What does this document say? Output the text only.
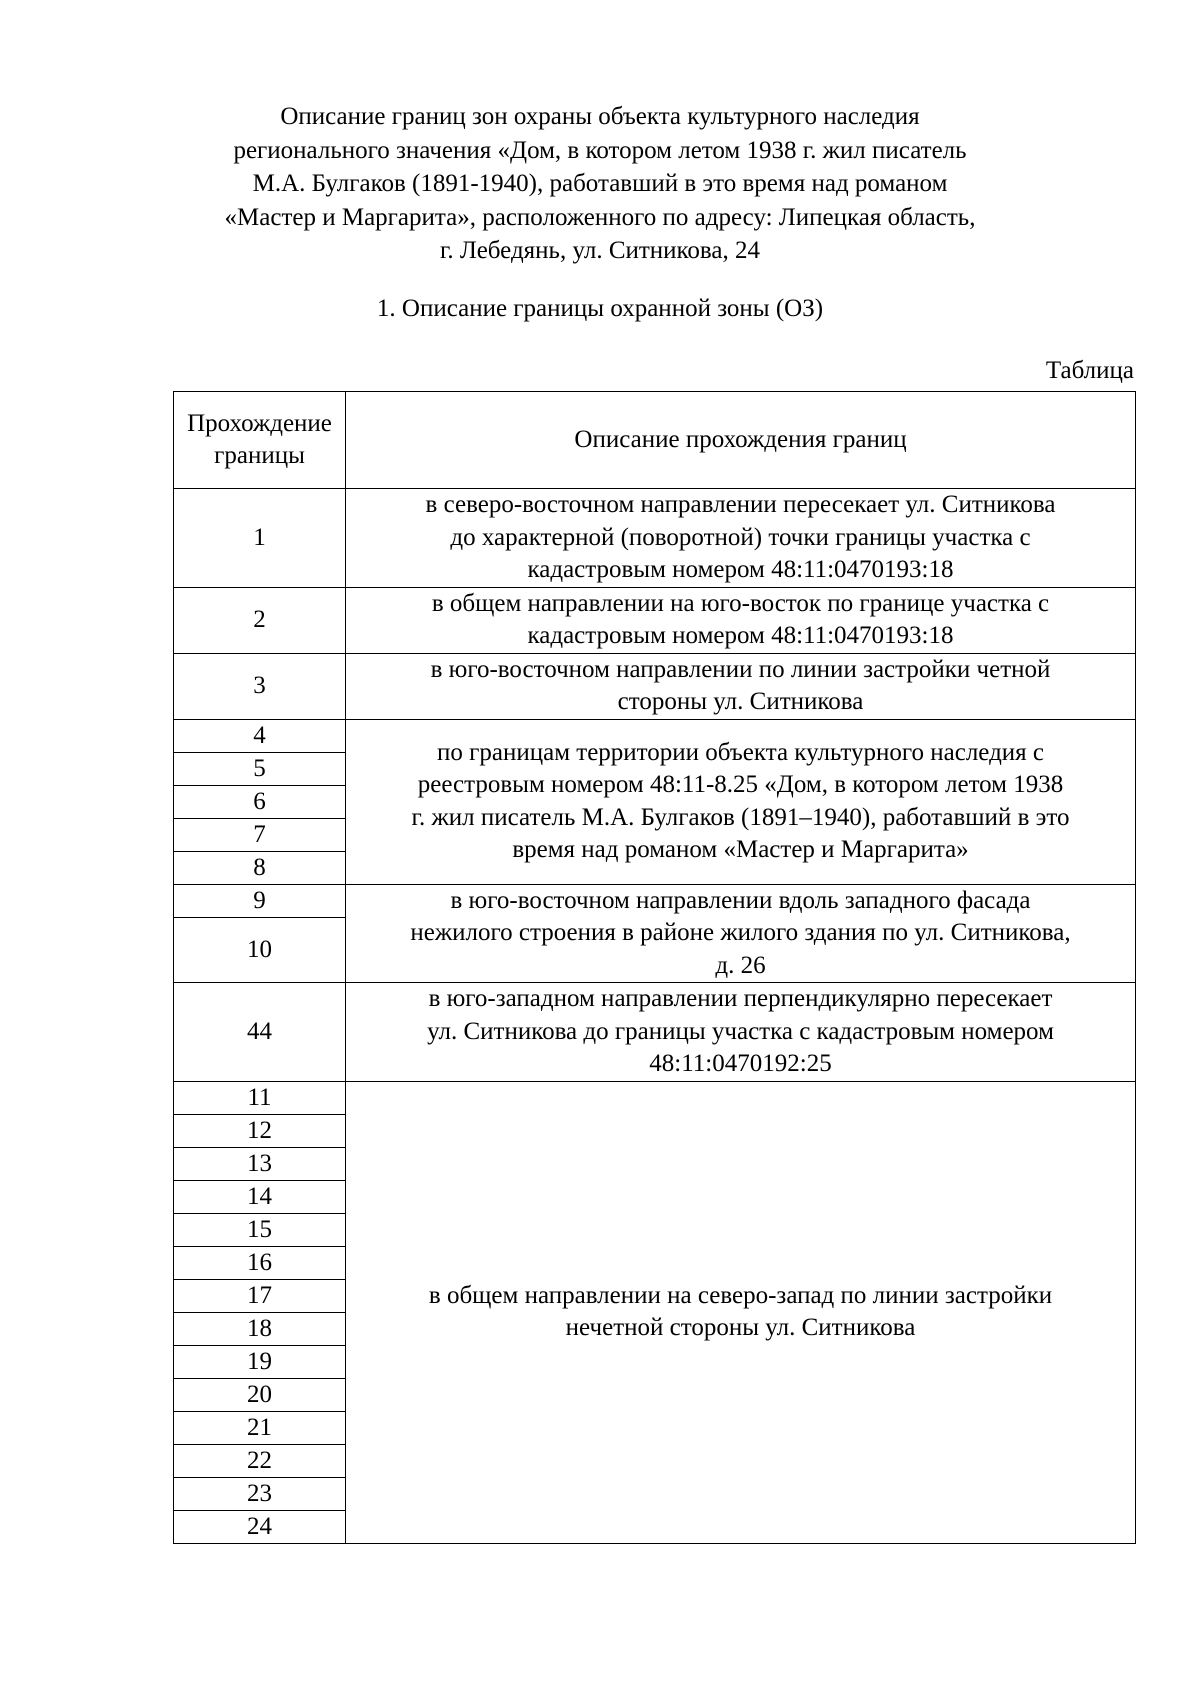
Описание границ зон охраны объекта культурного наследия
регионального значения «Дом, в котором летом 1938 г. жил писатель
М.А. Булгаков (1891-1940), работавший в это время над романом
«Мастер и Маргарита», расположенного по адресу: Липецкая область,
г. Лебедянь, ул. Ситникова, 24
1. Описание границы охранной зоны (ОЗ)
Таблица
Прохождение
границы	Описание прохождения границ
1	в северо-восточном направлении пересекает ул. Ситникова
до характерной (поворотной) точки границы участка с
кадастровым номером 48:11:0470193:18

2	в общем направлении на юго-восток по границе участка с
кадастровым номером 48:11:0470193:18

3	в юго-восточном направлении по линии застройки четной
стороны ул. Ситникова

4	по границам территории объекта культурного наследия с
реестровым номером 48:11-8.25 «Дом, в котором летом 1938
г. жил писатель М.А. Булгаков (1891–1940), работавший в это
время над романом «Мастер и Маргарита»

5	
6	
7	
8	
9	в юго-восточном направлении вдоль западного фасада
нежилого строения в районе жилого здания по ул. Ситникова,
д. 26

10	
44	в юго-западном направлении перпендикулярно пересекает
ул. Ситникова до границы участка с кадастровым номером
48:11:0470192:25

11	в общем направлении на северо-запад по линии застройки
нечетной стороны ул. Ситникова

12	
13	
14	
15	
16	
17	
18	
19	
20	
21	
22	
23	
24	
